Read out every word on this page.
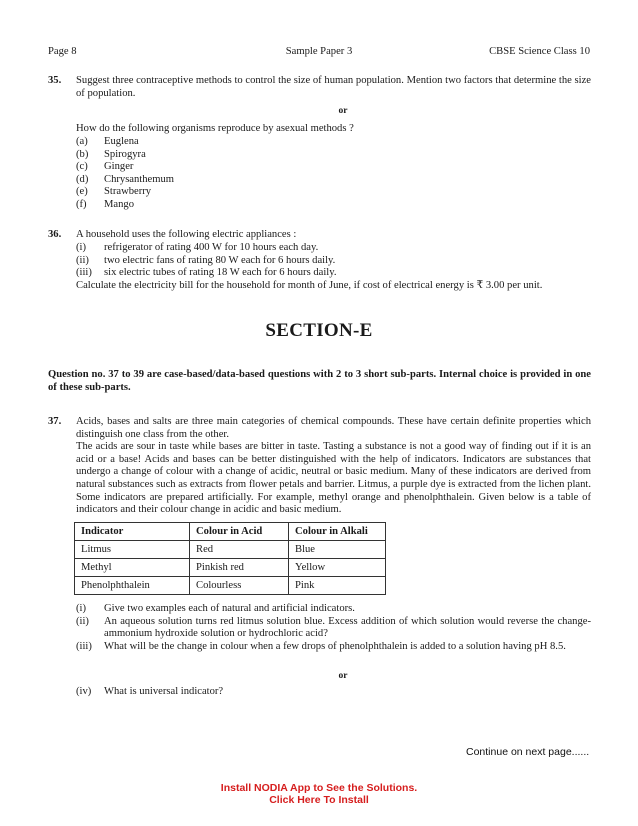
Page 8	Sample Paper 3	CBSE Science Class 10
35. Suggest three contraceptive methods to control the size of human population. Mention two factors that determine the size of population.
or
How do the following organisms reproduce by asexual methods ?
(a) Euglena
(b) Spirogyra
(c) Ginger
(d) Chrysanthemum
(e) Strawberry
(f) Mango
36. A household uses the following electric appliances :
(i) refrigerator of rating 400 W for 10 hours each day.
(ii) two electric fans of rating 80 W each for 6 hours daily.
(iii) six electric tubes of rating 18 W each for 6 hours daily.
Calculate the electricity bill for the household for month of June, if cost of electrical energy is ₹ 3.00 per unit.
SECTION-E
Question no. 37 to 39 are case-based/data-based questions with 2 to 3 short sub-parts. Internal choice is provided in one of these sub-parts.
37. Acids, bases and salts are three main categories of chemical compounds. These have certain definite properties which distinguish one class from the other.
The acids are sour in taste while bases are bitter in taste. Tasting a substance is not a good way of finding out if it is an acid or a base! Acids and bases can be better distinguished with the help of indicators. Indicators are substances that undergo a change of colour with a change of acidic, neutral or basic medium. Many of these indicators are derived from natural substances such as extracts from flower petals and barrier. Litmus, a purple dye is extracted from the lichen plant. Some indicators are prepared artificially. For example, methyl orange and phenolphthalein. Given below is a table of indicators and their colour change in acidic and basic medium.
Indicator	Colour in Acid	Colour in Alkali
Litmus	Red	Blue
Methyl	Pinkish red	Yellow
Phenolphthalein	Colourless	Pink
(i) Give two examples each of natural and artificial indicators.
(ii) An aqueous solution turns red litmus solution blue. Excess addition of which solution would reverse the change-ammonium hydroxide solution or hydrochloric acid?
(iii) What will be the change in colour when a few drops of phenolphthalein is added to a solution having pH 8.5.
or
(iv) What is universal indicator?
Continue on next page......
Install NODIA App to See the Solutions.
Click Here To Install
